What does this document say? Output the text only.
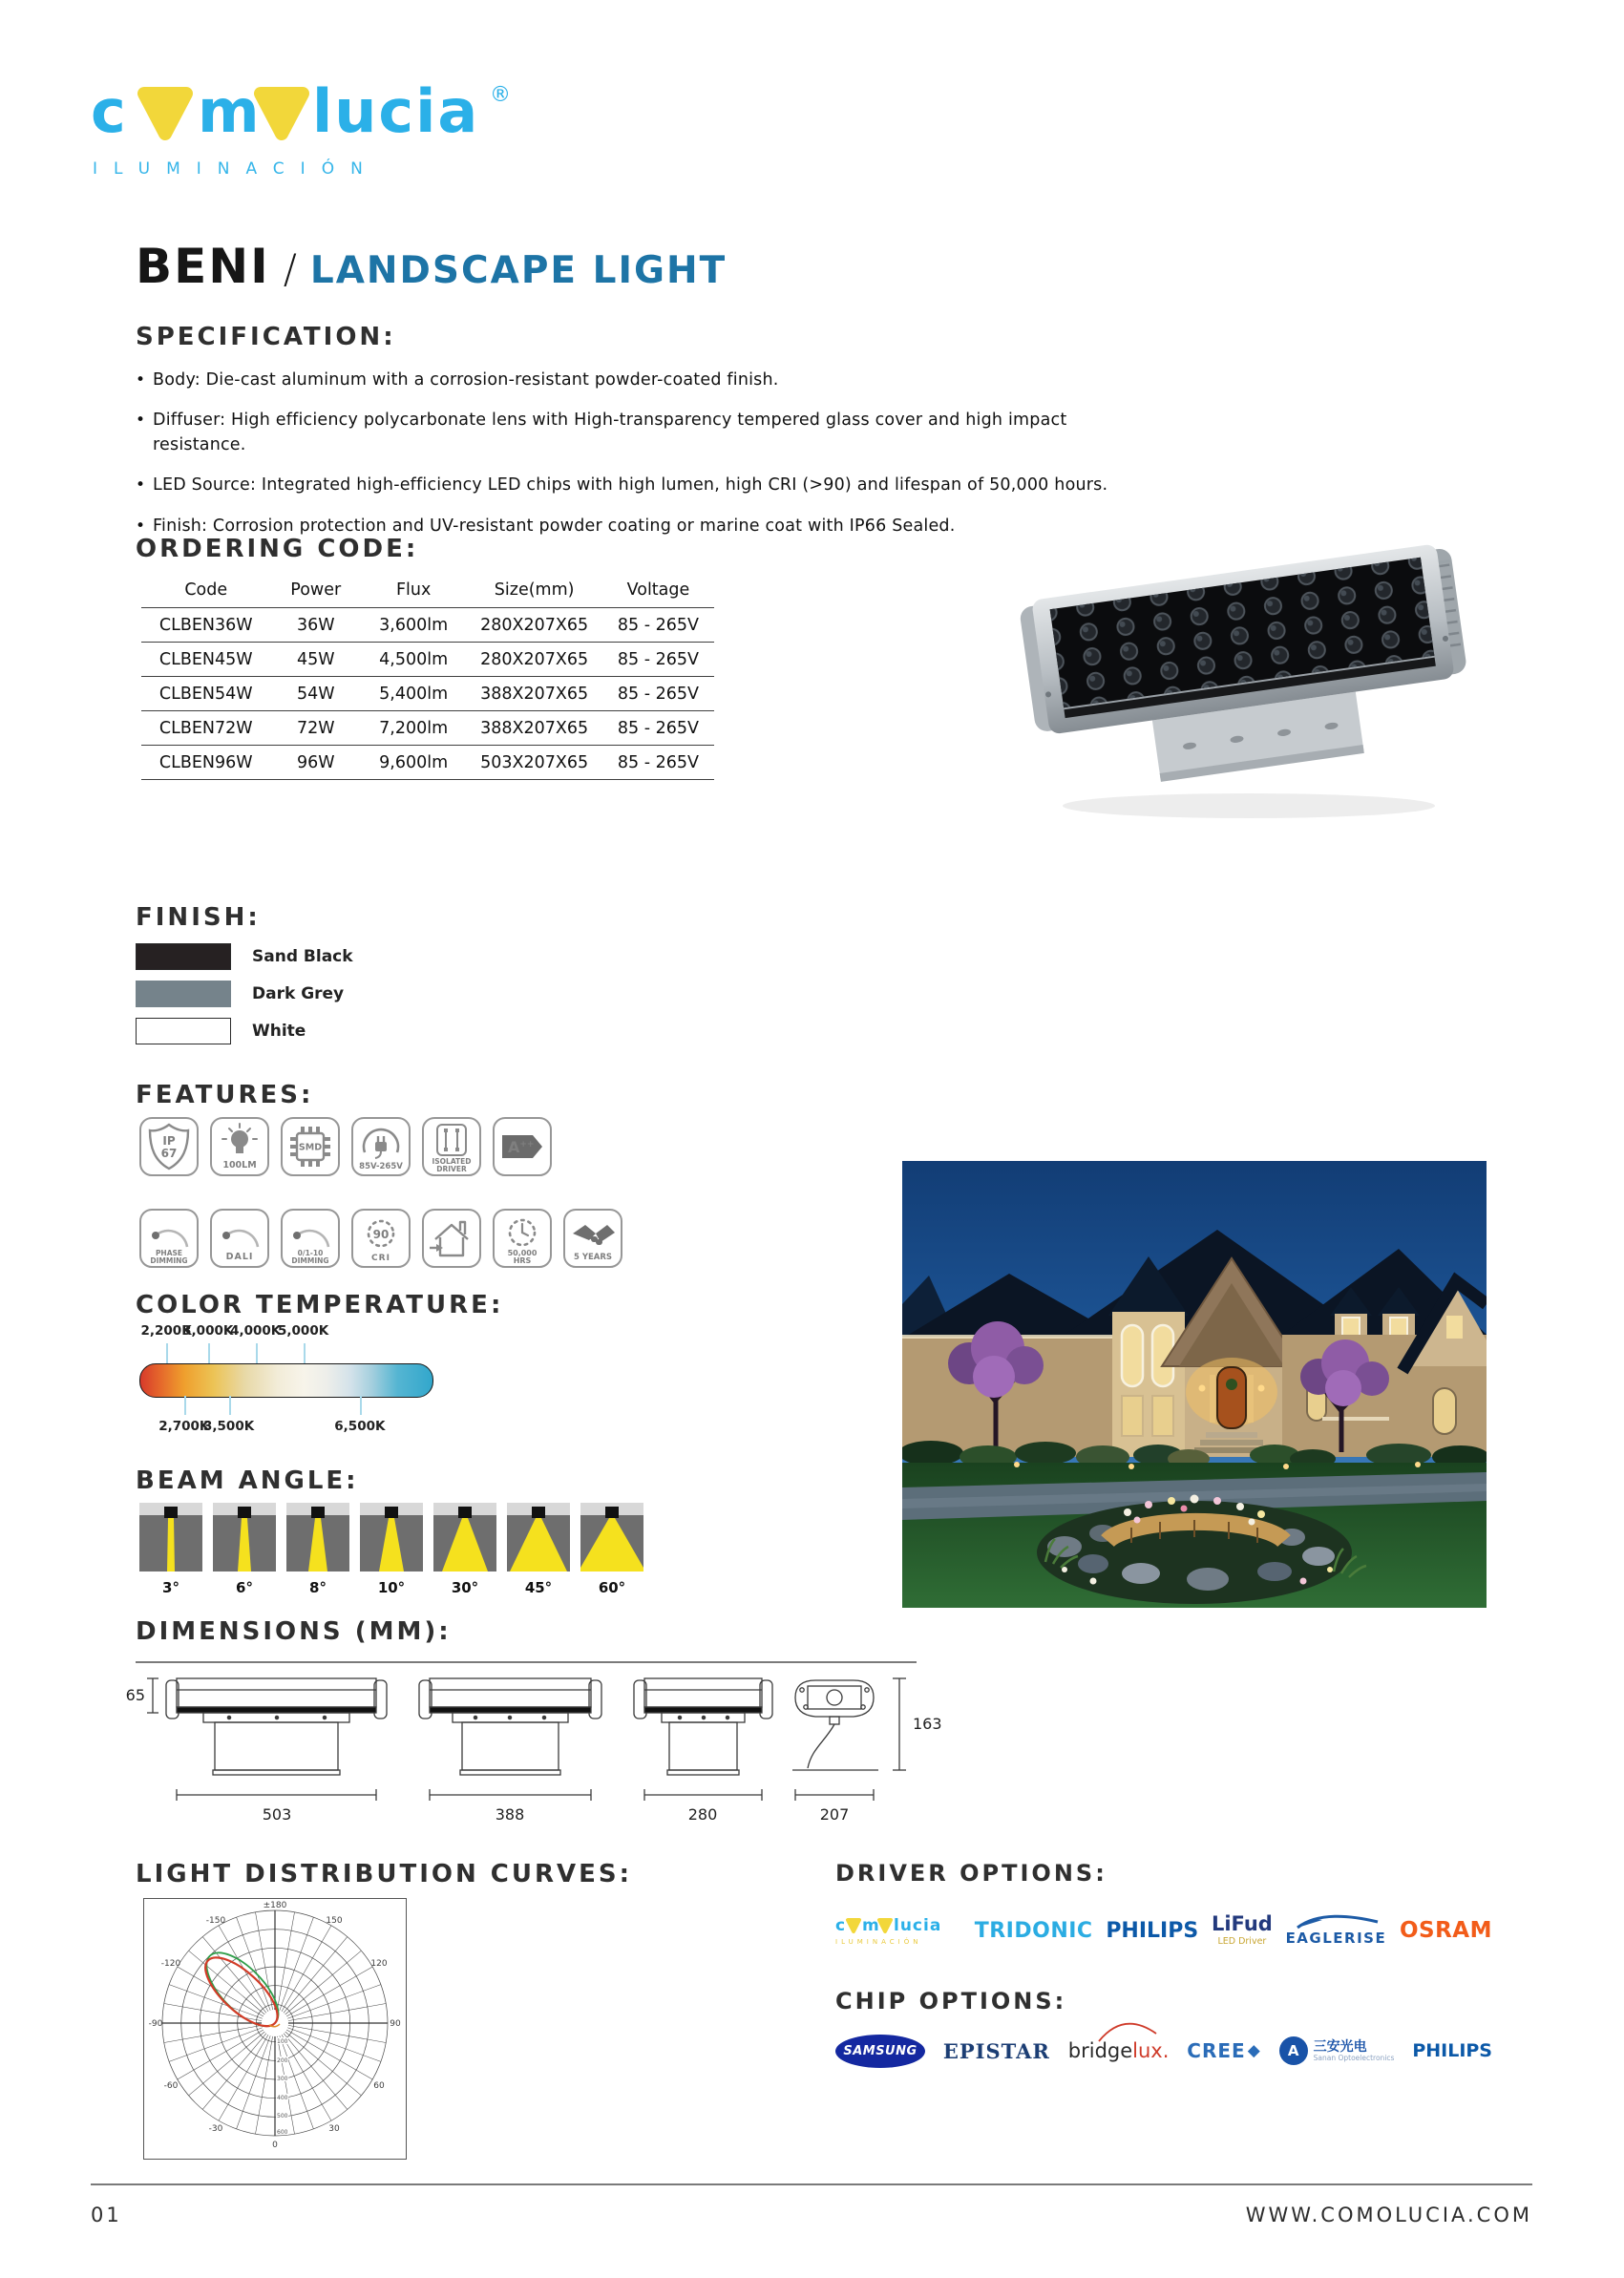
c m lucia ®
ILUMINACIÓN
BENI / LANDSCAPE LIGHT
SPECIFICATION:
• Body: Die-cast aluminum with a corrosion-resistant powder-coated finish.
• Diffuser: High efficiency polycarbonate lens with High-transparency tempered glass cover and high impact resistance.
• LED Source: Integrated high-efficiency LED chips with high lumen, high CRI (>90) and lifespan of 50,000 hours.
• Finish: Corrosion protection and UV-resistant powder coating or marine coat with IP66 Sealed.
ORDERING CODE:
Code	Power	Flux	Size(mm)	Voltage
CLBEN36W	36W	3,600lm	280X207X65	85 - 265V
CLBEN45W	45W	4,500lm	280X207X65	85 - 265V
CLBEN54W	54W	5,400lm	388X207X65	85 - 265V
CLBEN72W	72W	7,200lm	388X207X65	85 - 265V
CLBEN96W	96W	9,600lm	503X207X65	85 - 265V
FINISH:
Sand Black
Dark Grey
White
FEATURES:
IP
67
100LM
SMD
85V-265V
ISOLATED
DRIVER
A++
PHASE
DIMMING	DALI	0/1-10
DIMMING
90
CRI
50,000
HRS	5 YEARS
COLOR TEMPERATURE:
2,200K
3,000K
4,000K
5,000K
2,700K
3,500K	6,500K
BEAM ANGLE:
3°	6°	8°	10°	30°	45°	60°
DIMENSIONS (MM):
65
503	388	280	207
163
LIGHT DISTRIBUTION CURVES:
±180
150
120
90
60
30
0
-30
-60
-90
-120
-150
100
200
300
400
500
600
DRIVER OPTIONS:
c m lucia
ILUMINACIÓN	TRIDONIC PHILIPS LiFud
LED Driver EAGLERISE OSRAM
CHIP OPTIONS:
SAMSUNG	EPISTAR bridgelux. CREE ◆	A	三安光电
Sanan Optoelectronics PHILIPS
01	WWW.COMOLUCIA.COM
